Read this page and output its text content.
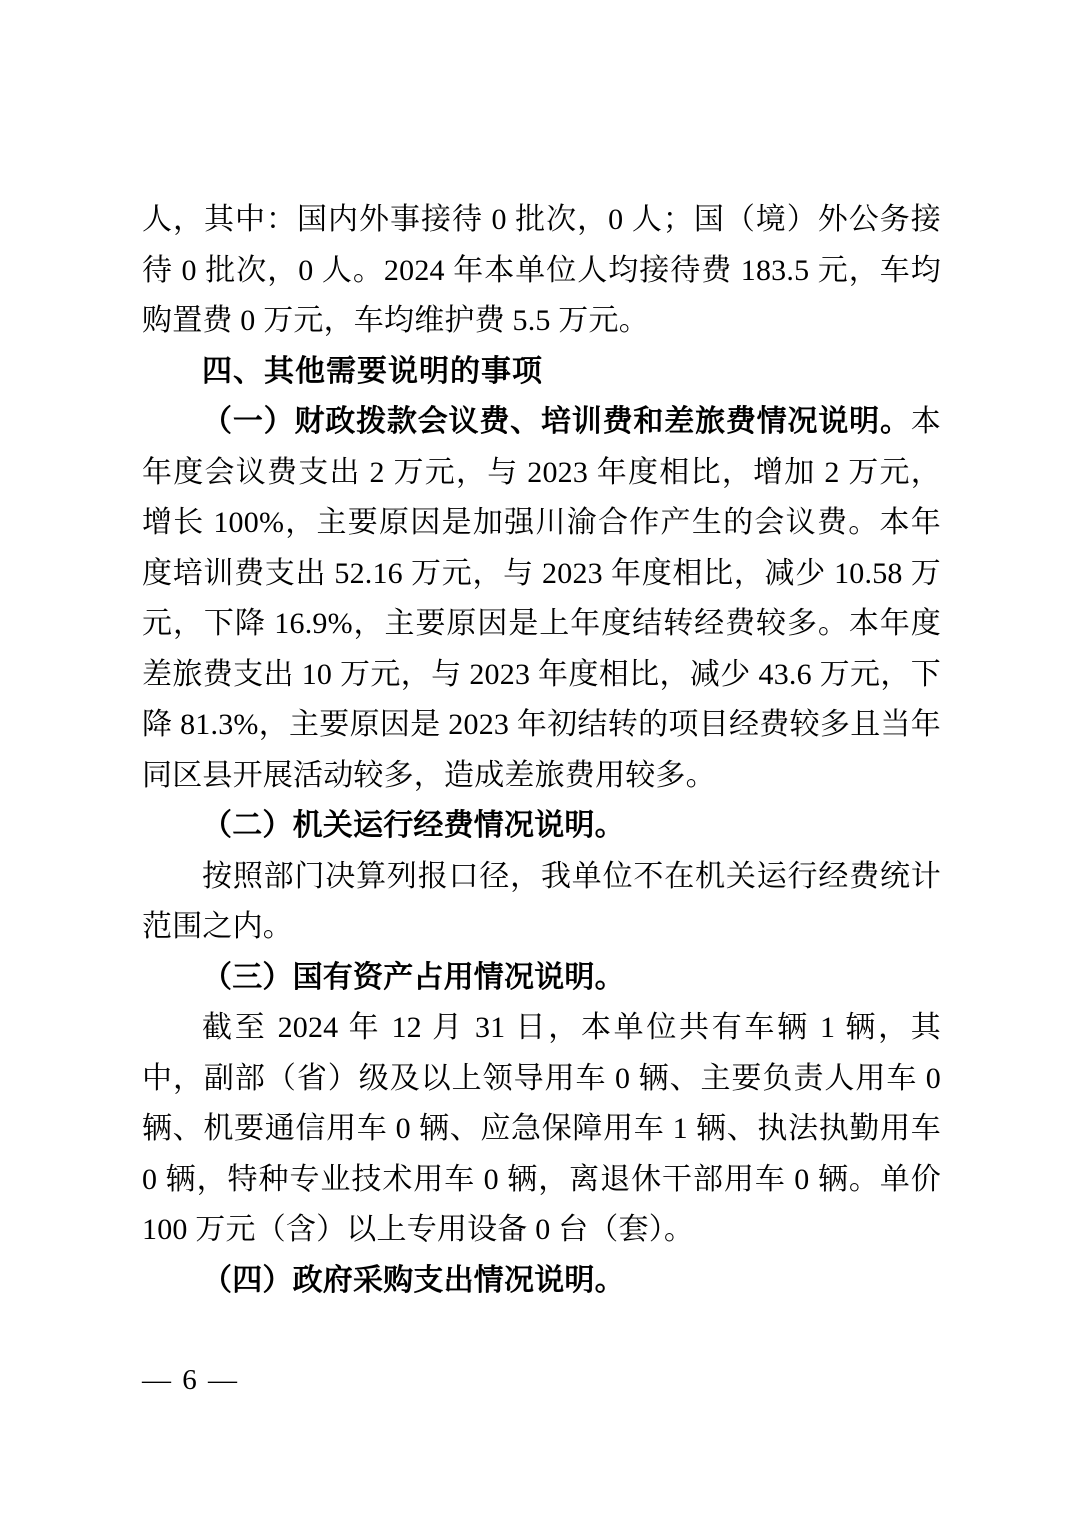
人，其中：国内外事接待 0 批次，0 人；国（境）外公务接待 0 批次，0 人。2024 年本单位人均接待费 183.5 元，车均购置费 0 万元，车均维护费 5.5 万元。

四、其他需要说明的事项

（一）财政拨款会议费、培训费和差旅费情况说明。本年度会议费支出 2 万元，与 2023 年度相比，增加 2 万元，增长 100%，主要原因是加强川渝合作产生的会议费。本年度培训费支出 52.16 万元，与 2023 年度相比，减少 10.58 万元，下降 16.9%，主要原因是上年度结转经费较多。本年度差旅费支出 10 万元，与 2023 年度相比，减少 43.6 万元，下降 81.3%，主要原因是 2023 年初结转的项目经费较多且当年同区县开展活动较多，造成差旅费用较多。

（二）机关运行经费情况说明。

按照部门决算列报口径，我单位不在机关运行经费统计范围之内。

（三）国有资产占用情况说明。

截至 2024 年 12 月 31 日，本单位共有车辆 1 辆，其中，副部（省）级及以上领导用车 0 辆、主要负责人用车 0 辆、机要通信用车 0 辆、应急保障用车 1 辆、执法执勤用车 0 辆，特种专业技术用车 0 辆，离退休干部用车 0 辆。单价 100 万元（含）以上专用设备 0 台（套）。

（四）政府采购支出情况说明。

— 6 —
